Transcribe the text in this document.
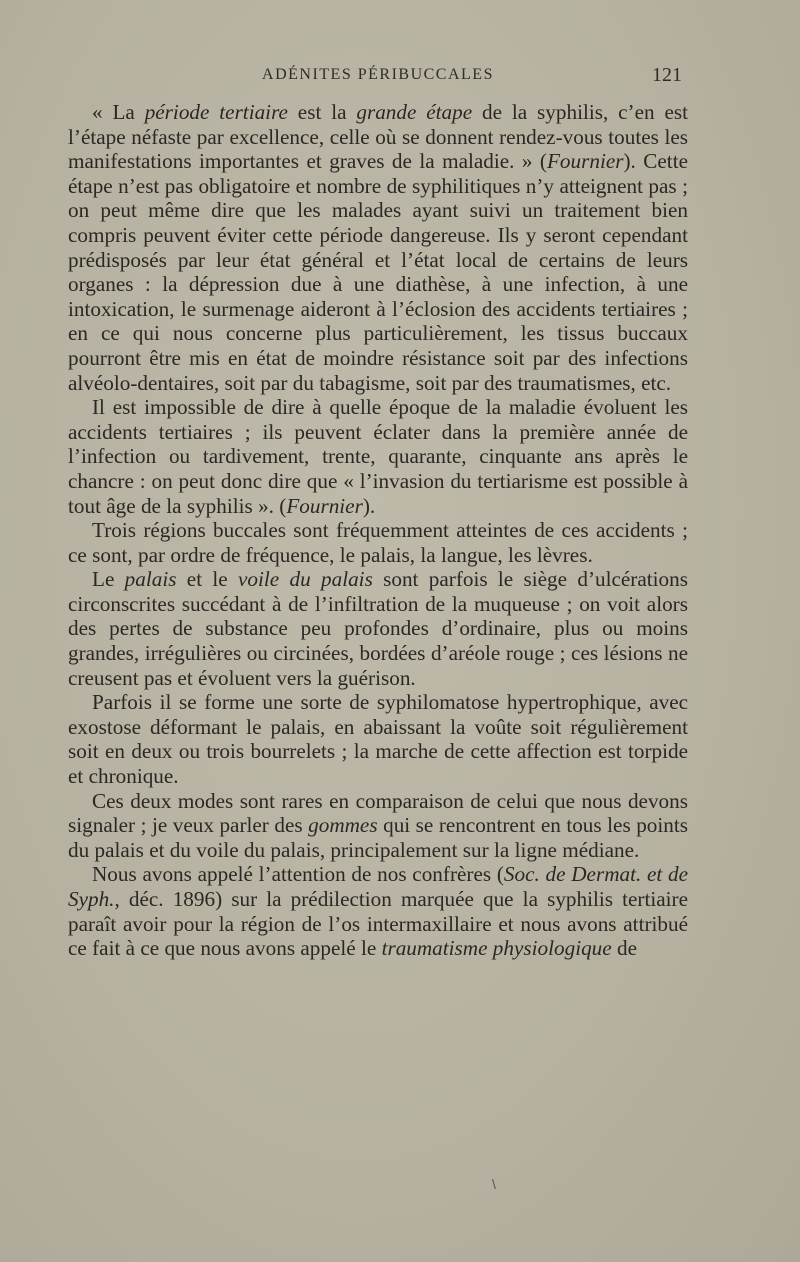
ADÉNITES PÉRIBUCCALES	121

« La période tertiaire est la grande étape de la syphilis, c’en est l’étape néfaste par excellence, celle où se donnent rendez-vous toutes les manifestations importantes et graves de la maladie. » (Fournier). Cette étape n’est pas obligatoire et nombre de syphilitiques n’y atteignent pas ; on peut même dire que les malades ayant suivi un traitement bien compris peuvent éviter cette période dangereuse. Ils y seront cependant prédisposés par leur état général et l’état local de certains de leurs organes : la dépression due à une diathèse, à une infection, à une intoxication, le surmenage aideront à l’éclosion des accidents tertiaires ; en ce qui nous concerne plus particulièrement, les tissus buccaux pourront être mis en état de moindre résistance soit par des infections alvéolo-dentaires, soit par du tabagisme, soit par des traumatismes, etc.

Il est impossible de dire à quelle époque de la maladie évoluent les accidents tertiaires ; ils peuvent éclater dans la première année de l’infection ou tardivement, trente, quarante, cinquante ans après le chancre : on peut donc dire que « l’invasion du tertiarisme est possible à tout âge de la syphilis ». (Fournier).

Trois régions buccales sont fréquemment atteintes de ces accidents ; ce sont, par ordre de fréquence, le palais, la langue, les lèvres.

Le palais et le voile du palais sont parfois le siège d’ulcérations circonscrites succédant à de l’infiltration de la muqueuse ; on voit alors des pertes de substance peu profondes d’ordinaire, plus ou moins grandes, irrégulières ou circinées, bordées d’aréole rouge ; ces lésions ne creusent pas et évoluent vers la guérison.

Parfois il se forme une sorte de syphilomatose hypertrophique, avec exostose déformant le palais, en abaissant la voûte soit régulièrement soit en deux ou trois bourrelets ; la marche de cette affection est torpide et chronique.

Ces deux modes sont rares en comparaison de celui que nous devons signaler ; je veux parler des gommes qui se rencontrent en tous les points du palais et du voile du palais, principalement sur la ligne médiane.

Nous avons appelé l’attention de nos confrères (Soc. de Dermat. et de Syph., déc. 1896) sur la prédilection marquée que la syphilis tertiaire paraît avoir pour la région de l’os intermaxillaire et nous avons attribué ce fait à ce que nous avons appelé le traumatisme physiologique de

\
